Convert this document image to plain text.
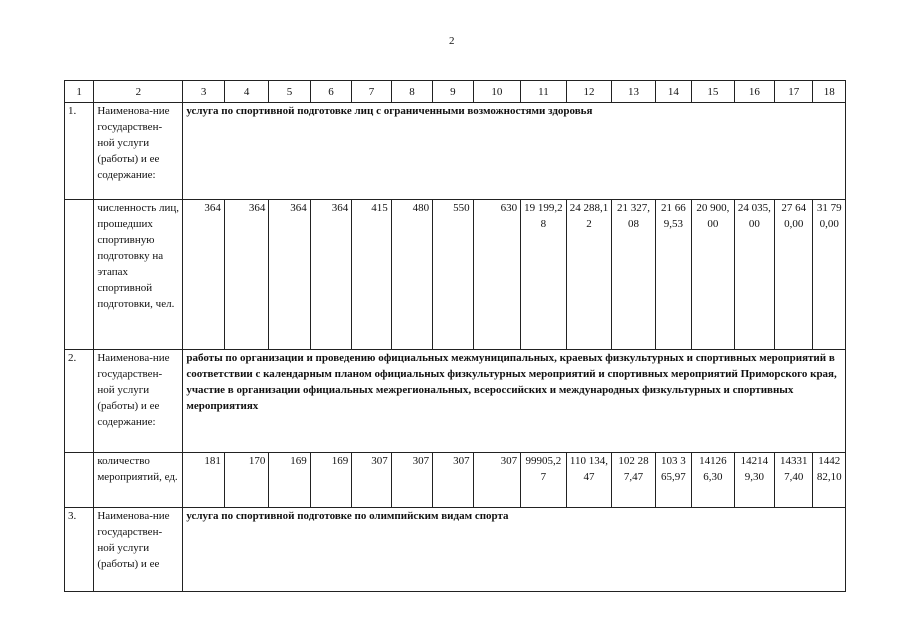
2
1	2	3	4	5	6	7	8	9	10	11	12	13	14	15	16	17	18
1.	Наименова-ние государствен-ной услуги (работы) и ее содержание:	услуга по спортивной подготовке лиц с ограниченными возможностями здоровья															
	численность лиц, прошедших спортивную подготовку на этапах спортивной подготовки, чел.	364	364	364	364	415	480	550	630	19 199,28	24 288,12	21 327,08	21 669,53	20 900,00	24 035,00	27 640,00	31 790,00
2.	Наименова-ние государствен-ной услуги (работы) и ее содержание:	работы по организации и проведению официальных межмуниципальных, краевых физкультурных и спортивных мероприятий в соответствии с календарным планом официальных физкультурных мероприятий и спортивных мероприятий Приморского края, участие в организации официальных межрегиональных, всероссийских и международных физкультурных и спортивных мероприятиях															
	количество мероприятий, ед.	181	170	169	169	307	307	307	307	99905,27	110 134,47	102 287,47	103 365,97	141266,30	142149,30	143317,40	144282,10
3.	Наименова-ние государствен-ной услуги (работы) и ее	услуга по спортивной подготовке по олимпийским видам спорта															
